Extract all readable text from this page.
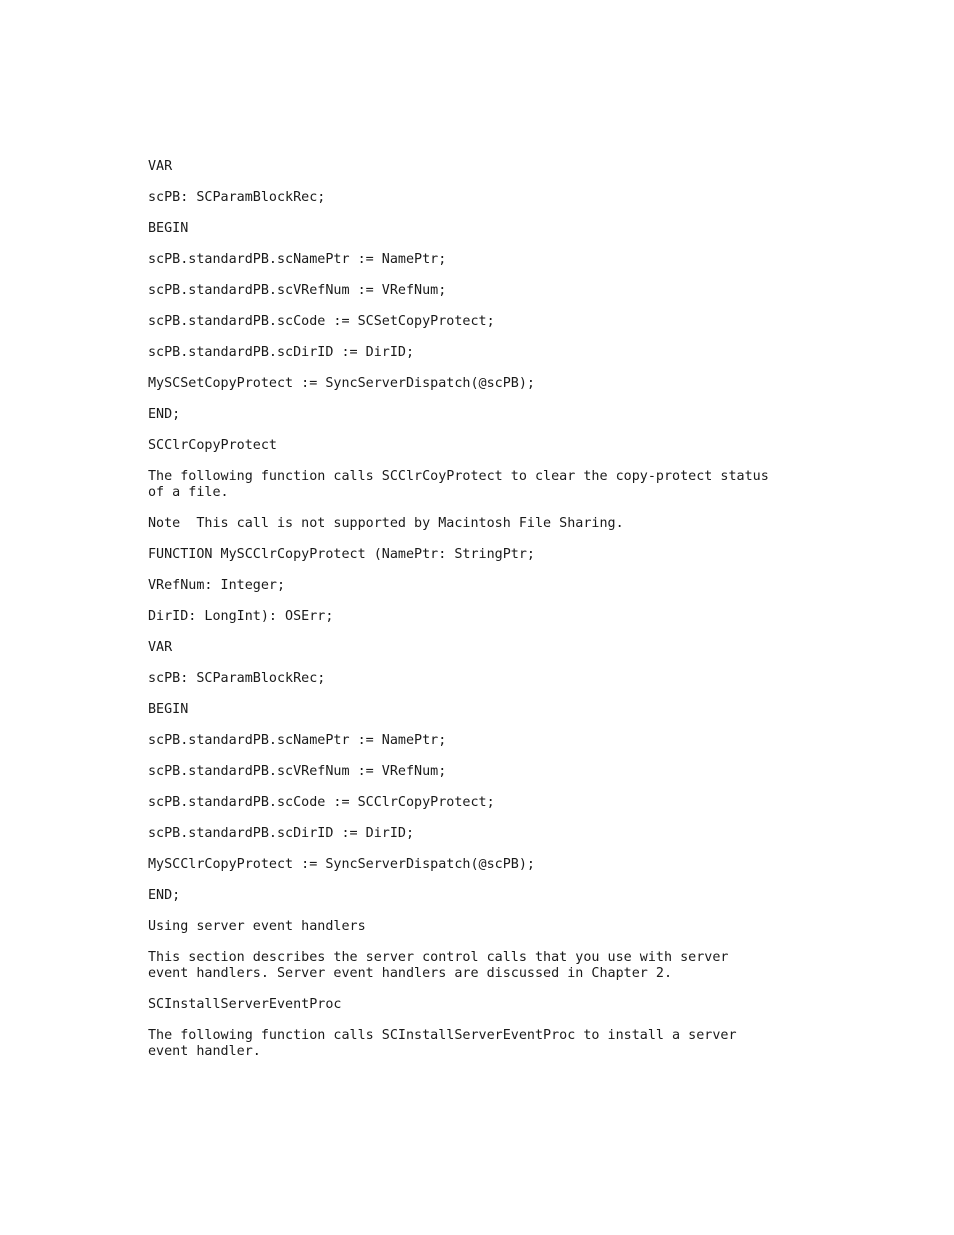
VAR

scPB: SCParamBlockRec;

BEGIN

scPB.standardPB.scNamePtr := NamePtr;

scPB.standardPB.scVRefNum := VRefNum;

scPB.standardPB.scCode := SCSetCopyProtect;

scPB.standardPB.scDirID := DirID;

MySCSetCopyProtect := SyncServerDispatch(@scPB);

END;

SCClrCopyProtect

The following function calls SCClrCoyProtect to clear the copy-protect status
of a file.

Note  This call is not supported by Macintosh File Sharing.

FUNCTION MySCClrCopyProtect (NamePtr: StringPtr;

VRefNum: Integer;

DirID: LongInt): OSErr;

VAR

scPB: SCParamBlockRec;

BEGIN

scPB.standardPB.scNamePtr := NamePtr;

scPB.standardPB.scVRefNum := VRefNum;

scPB.standardPB.scCode := SCClrCopyProtect;

scPB.standardPB.scDirID := DirID;

MySCClrCopyProtect := SyncServerDispatch(@scPB);

END;

Using server event handlers

This section describes the server control calls that you use with server
event handlers. Server event handlers are discussed in Chapter 2.

SCInstallServerEventProc

The following function calls SCInstallServerEventProc to install a server
event handler.
